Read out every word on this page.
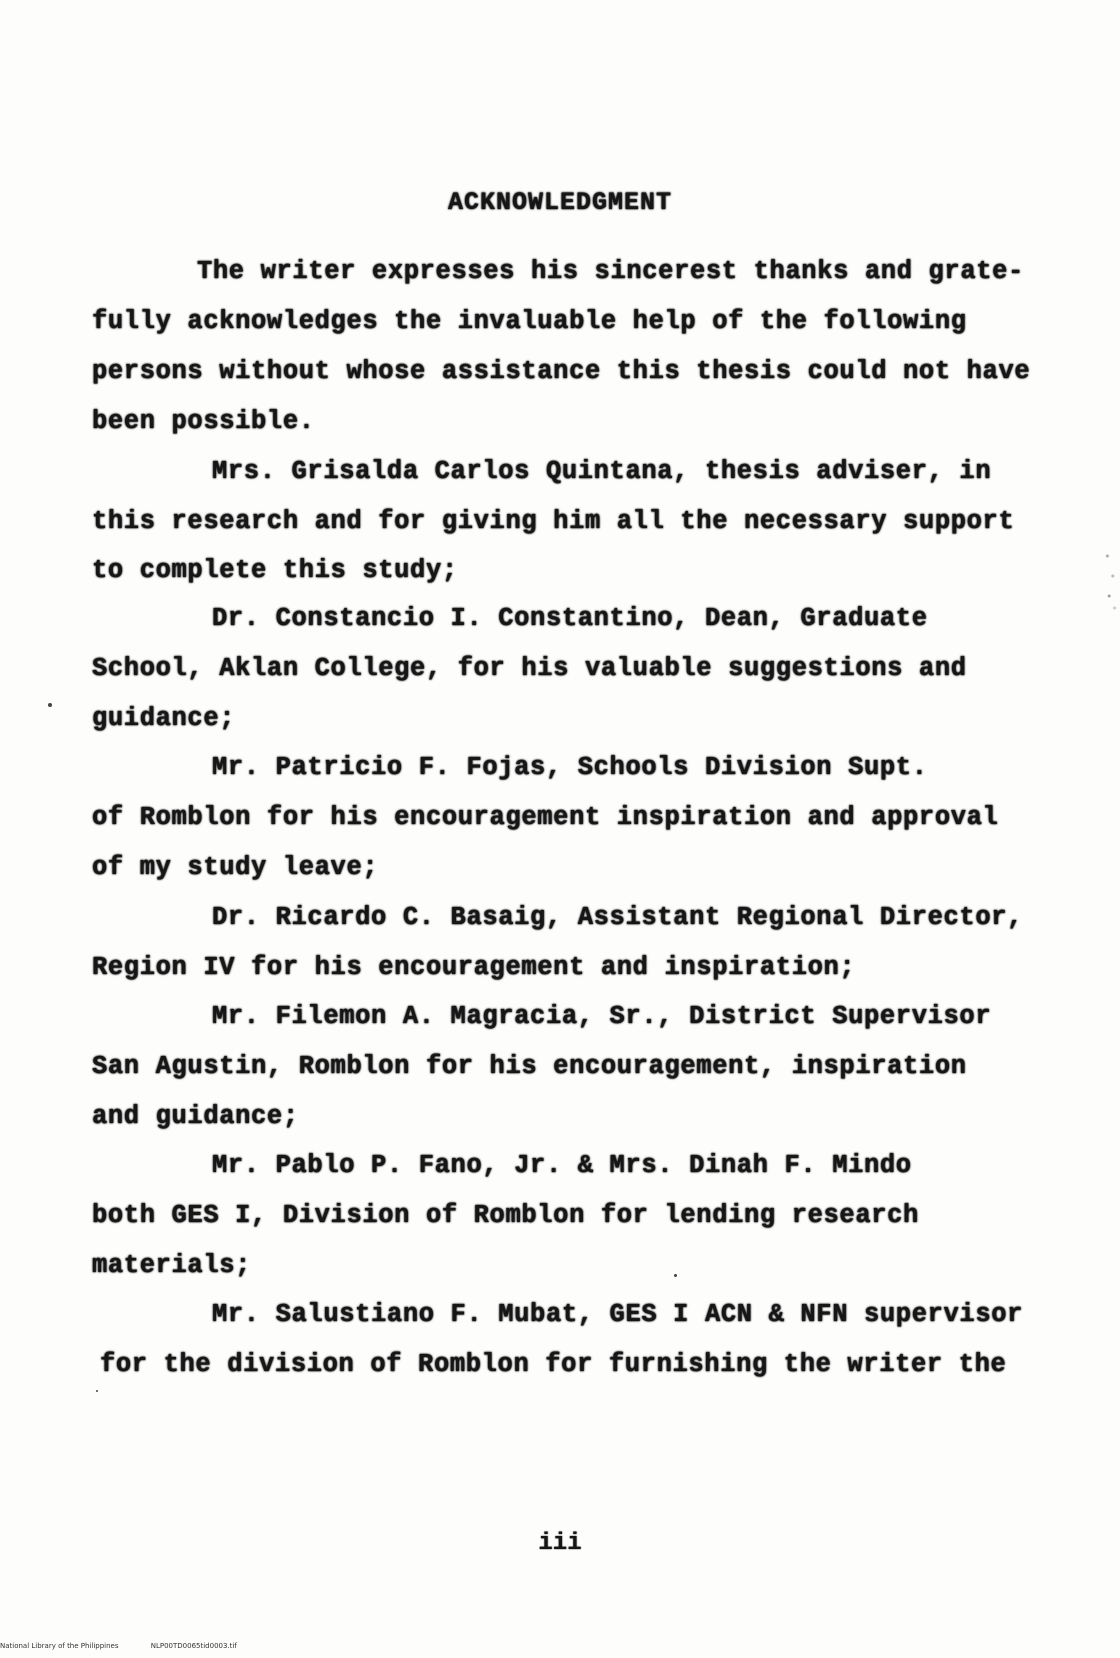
ACKNOWLEDGMENT
The writer expresses his sincerest thanks and grate-
fully acknowledges the invaluable help of the following
persons without whose assistance this thesis could not have
been possible.
Mrs. Grisalda Carlos Quintana, thesis adviser, in
this research and for giving him all the necessary support
to complete this study;
Dr. Constancio I. Constantino, Dean, Graduate
School, Aklan College, for his valuable suggestions and
guidance;
Mr. Patricio F. Fojas, Schools Division Supt.
of Romblon for his encouragement inspiration and approval
of my study leave;
Dr. Ricardo C. Basaig, Assistant Regional Director,
Region IV for his encouragement and inspiration;
Mr. Filemon A. Magracia, Sr., District Supervisor
San Agustin, Romblon for his encouragement, inspiration
and guidance;
Mr. Pablo P. Fano, Jr. & Mrs. Dinah F. Mindo
both GES I, Division of Romblon for lending research
materials;
Mr. Salustiano F. Mubat, GES I ACN & NFN supervisor
for the division of Romblon for furnishing the writer the
iii
National Library of the Philippines	NLP00TD0065tid0003.tif
